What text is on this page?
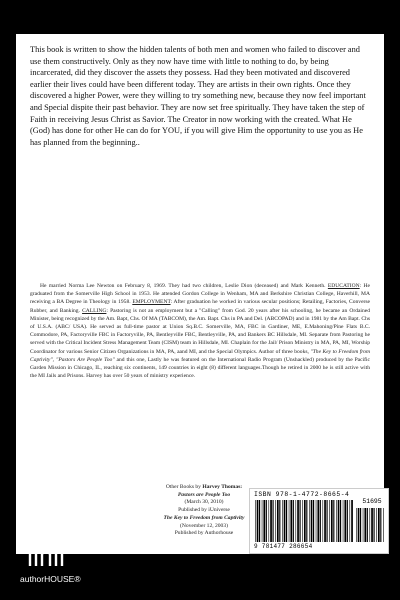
This book is written to show the hidden talents of both men and women who failed to discover and use them constructively. Only as they now have time with little to nothing to do, by being incarcerated, did they discover the assets they possess. Had they been motivated and discovered earlier their lives could have been different today. They are artists in their own rights. Once they discovered a higher Power, were they willing to try something new, because they now feel important and Special dispite their past behavior. They are now set free spiritually. They have taken the step of Faith in receiving Jesus Christ as Savior. The Creator in now working with the created. What He (God) has done for other He can do for YOU, if you will give Him the opportunity to use you as He has planned from the beginning..

He married Norma Lee Newton on February 8, 1969. They had two children, Leslie Dion (deceased) and Mark Kenneth. EDUCATION: He graduated from the Somerville High School in 1953. He attended Gordon College in Wenham, MA and Berkshire Christian College, Haverhill, MA receiving a BA Degree in Theology in 1958. EMPLOYMENT: After graduation he worked in various secular positions; Retailing, Factories, Converse Rubber, and Banking. CALLING: Pastoring is not an employment but a "Calling" from God. 20 years after his schooling, he became an Ordained Minister, being recognized by the Am. Bapt, Chs. Of MA (TABCOM), the Am. Bapt. Chs in PA and Del. (ABCOPAD) and in 1981 by the Am Bapt. Chs of U.S.A. (ABC/ USA). He served as full-time pastor at Union Sq.B.C. Somerville, MA, FBC in Gardiner, ME, E.Mahoning/Pine Flats B.C. Commodore, PA, Factoryville FBC in Factoryville, PA, Bentleyville FBC, Bentleyville, PA, and Bankers BC Hillsdale, MI. Separate from Pastoring he served with the Critical Incident Stress Management Team (CISM) team in Hillsdale, MI. Chaplain for the Jail/ Prison Ministry in MA, PA, MI, Worship Coordinator for various Senior Citizen Organizations in MA, PA, aand MI, and the Special Olympics. Author of three books, "The Key to Freedom from Captivity", "Pastors Are People Too" and this one, Lastly he was featured on the International Radio Program (Unshackled) produced by the Pacific Garden Mission in Chicago, IL, reaching six continents, 149 countries in eight (8) different languages.Though he retired in 2000 he is still active with the MI Jails and Prisons. Harvey has over 50 years of ministry experience.

Other Books by Harvey Thomas:
Pastors are People Too
(March 30, 2010)
Published by iUniverse
The Key to Freedom from Captivity
(November 12, 2003)
Published by Authorhouse
ISBN 978-1-4772-8665-4
51695
9 781477 286654
authorHOUSE®
